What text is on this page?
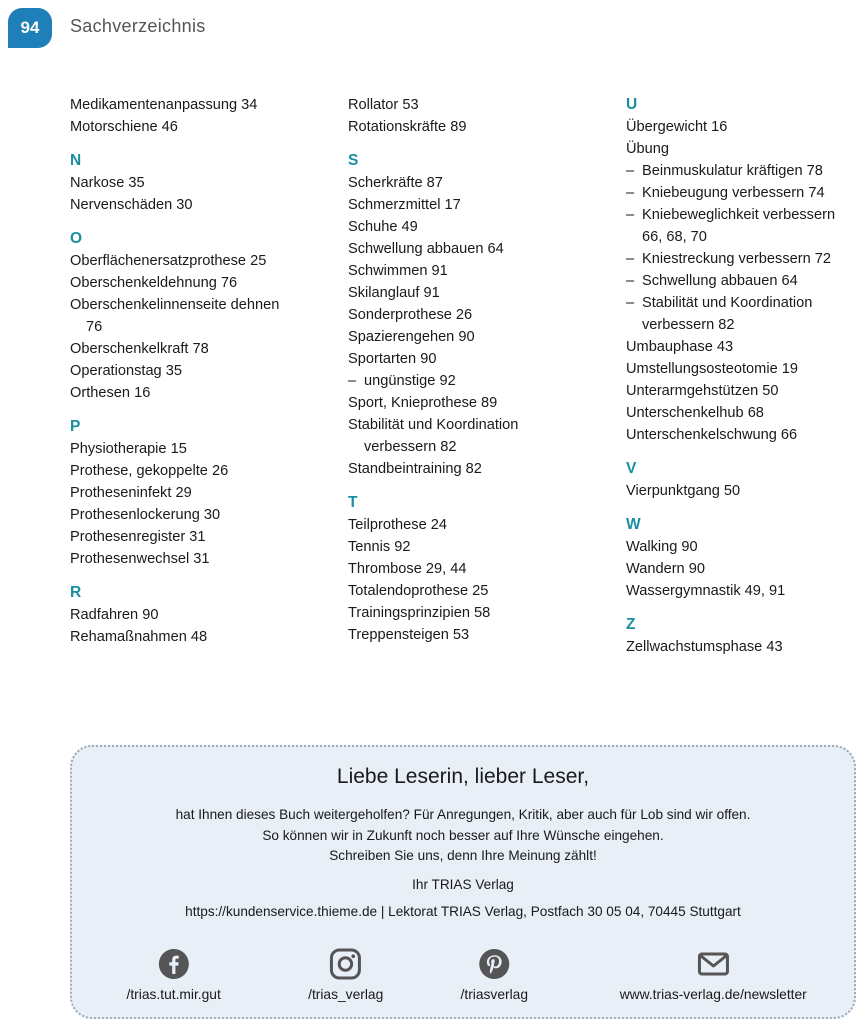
94	Sachverzeichnis
Medikamentenanpassung 34
Motorschiene 46
N
Narkose 35
Nervenschäden 30
O
Oberflächenersatzprothese 25
Oberschenkeldehnung 76
Oberschenkelinnenseite dehnen
76
Oberschenkelkraft 78
Operationstag 35
Orthesen 16
P
Physiotherapie 15
Prothese, gekoppelte 26
Protheseninfekt 29
Prothesenlockerung 30
Prothesenregister 31
Prothesenwechsel 31
R
Radfahren 90
Rehamaßnahmen 48
Rollator 53
Rotationskräfte 89
S
Scherkräfte 87
Schmerzmittel 17
Schuhe 49
Schwellung abbauen 64
Schwimmen 91
Skilanglauf 91
Sonderprothese 26
Spazierengehen 90
Sportarten 90
– ungünstige 92
Sport, Knieprothese 89
Stabilität und Koordination
verbessern 82
Standbeintraining 82
T
Teilprothese 24
Tennis 92
Thrombose 29, 44
Totalendoprothese 25
Trainingsprinzipien 58
Treppensteigen 53
U
Übergewicht 16
Übung
– Beinmuskulatur kräftigen 78
– Kniebeugung verbessern 74
– Kniebeweglichkeit verbessern
66, 68, 70
– Kniestreckung verbessern 72
– Schwellung abbauen 64
– Stabilität und Koordination
verbessern 82
Umbauphase 43
Umstellungsosteotomie 19
Unterarmgehstützen 50
Unterschenkelhub 68
Unterschenkelschwung 66
V
Vierpunktgang 50
W
Walking 90
Wandern 90
Wassergymnastik 49, 91
Z
Zellwachstumsphase 43
Liebe Leserin, lieber Leser,
hat Ihnen dieses Buch weitergeholfen? Für Anregungen, Kritik, aber auch für Lob sind wir offen.
So können wir in Zukunft noch besser auf Ihre Wünsche eingehen.
Schreiben Sie uns, denn Ihre Meinung zählt!
Ihr TRIAS Verlag
https://kundenservice.thieme.de | Lektorat TRIAS Verlag, Postfach 30 05 04, 70445 Stuttgart
/trias.tut.mir.gut	/trias_verlag	/triasverlag	www.trias-verlag.de/newsletter
